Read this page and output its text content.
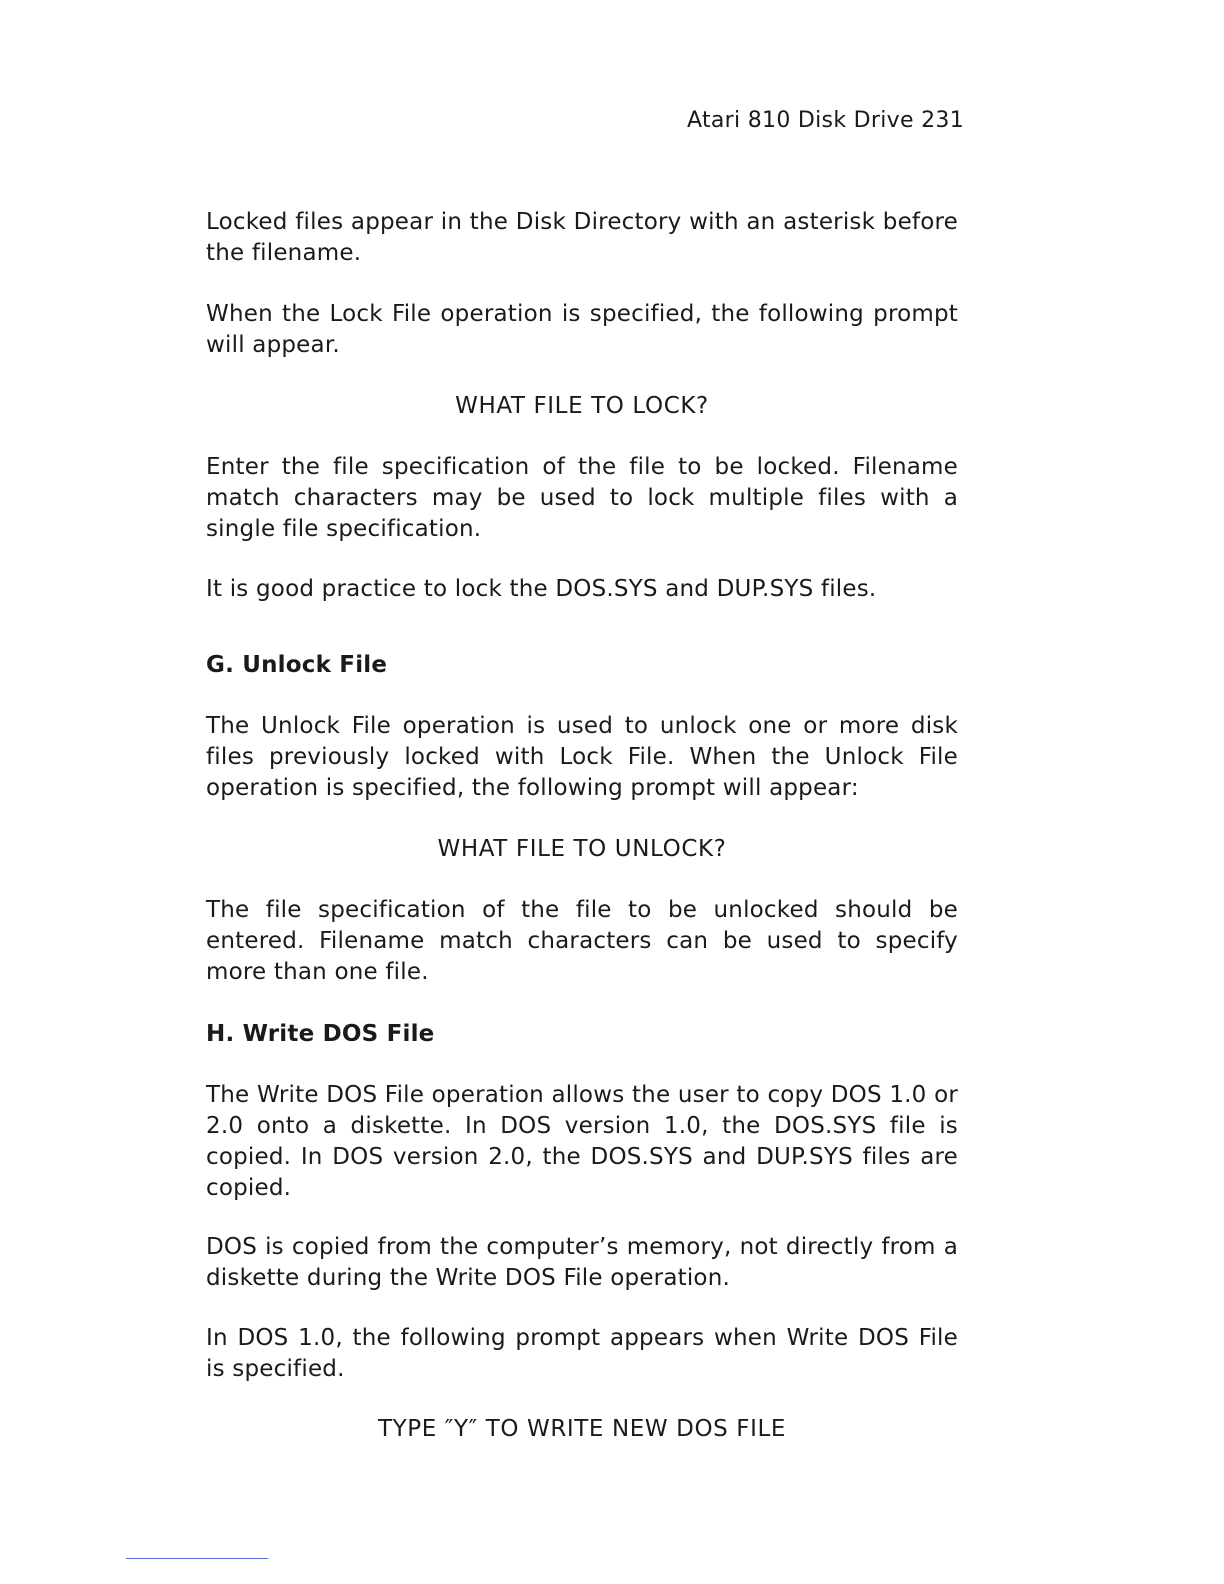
Atari 810 Disk Drive 231
Locked files appear in the Disk Directory with an asterisk before the filename.
When the Lock File operation is specified, the following prompt will appear.
WHAT FILE TO LOCK?
Enter the file specification of the file to be locked. Filename match characters may be used to lock multiple files with a single file specification.
It is good practice to lock the DOS.SYS and DUP.SYS files.
G. Unlock File
The Unlock File operation is used to unlock one or more disk files previously locked with Lock File. When the Unlock File operation is specified, the following prompt will appear:
WHAT FILE TO UNLOCK?
The file specification of the file to be unlocked should be entered. Filename match characters can be used to specify more than one file.
H. Write DOS File
The Write DOS File operation allows the user to copy DOS 1.0 or 2.0 onto a diskette. In DOS version 1.0, the DOS.SYS file is copied. In DOS version 2.0, the DOS.SYS and DUP.SYS files are copied.
DOS is copied from the computer’s memory, not directly from a diskette during the Write DOS File operation.
In DOS 1.0, the following prompt appears when Write DOS File is specified.
TYPE ″Y″ TO WRITE NEW DOS FILE
